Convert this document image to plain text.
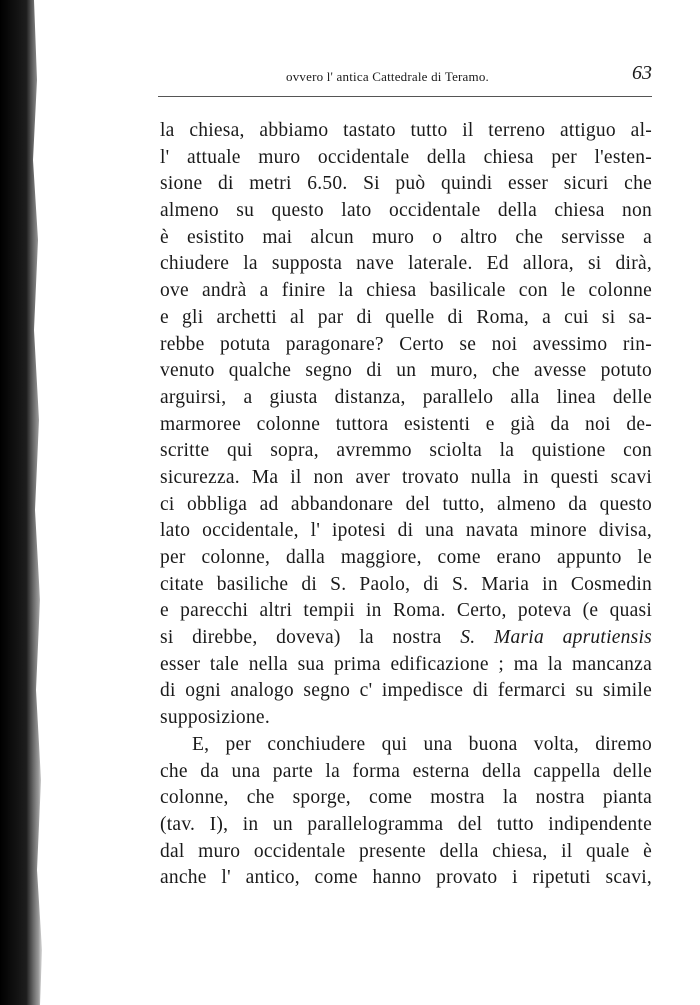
ovvero l' antica Cattedrale di Teramo.	63
la chiesa, abbiamo tastato tutto il terreno attiguo al-
l' attuale muro occidentale della chiesa per l'esten-
sione di metri 6.50. Si può quindi esser sicuri che
almeno su questo lato occidentale della chiesa non
è esistito mai alcun muro o altro che servisse a
chiudere la supposta nave laterale. Ed allora, si dirà,
ove andrà a finire la chiesa basilicale con le colonne
e gli archetti al par di quelle di Roma, a cui si sa-
rebbe potuta paragonare? Certo se noi avessimo rin-
venuto qualche segno di un muro, che avesse potuto
arguirsi, a giusta distanza, parallelo alla linea delle
marmoree colonne tuttora esistenti e già da noi de-
scritte qui sopra, avremmo sciolta la quistione con
sicurezza. Ma il non aver trovato nulla in questi scavi
ci obbliga ad abbandonare del tutto, almeno da questo
lato occidentale, l' ipotesi di una navata minore divisa,
per colonne, dalla maggiore, come erano appunto le
citate basiliche di S. Paolo, di S. Maria in Cosmedin
e parecchi altri tempii in Roma. Certo, poteva (e quasi
si direbbe, doveva) la nostra S. Maria aprutiensis
esser tale nella sua prima edificazione ; ma la mancanza
di ogni analogo segno c' impedisce di fermarci su simile
supposizione.
E, per conchiudere qui una buona volta, diremo
che da una parte la forma esterna della cappella delle
colonne, che sporge, come mostra la nostra pianta
(tav. I), in un parallelogramma del tutto indipendente
dal muro occidentale presente della chiesa, il quale è
anche l' antico, come hanno provato i ripetuti scavi,
